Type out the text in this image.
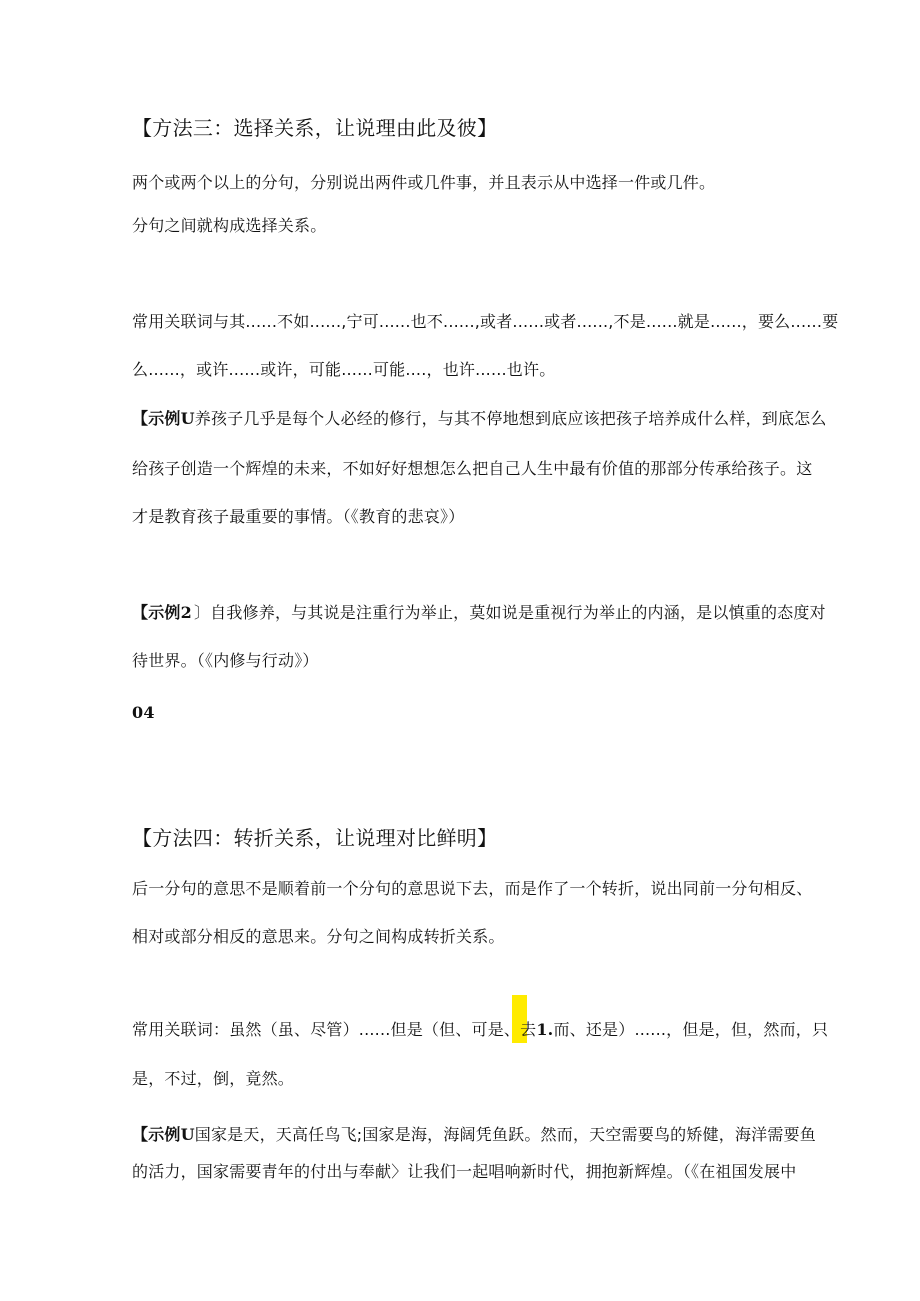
【方法三：选择关系，让说理由此及彼】
两个或两个以上的分句，分别说出两件或几件事，并且表示从中选择一件或几件。
分句之间就构成选择关系。
常用关联词与其......不如......,宁可......也不......,或者......或者......,不是......就是......，要么......要
么......，或许......或许，可能......可能....，也许......也许。
【示例U养孩子几乎是每个人必经的修行，与其不停地想到底应该把孩子培养成什么样，到底怎么
给孩子创造一个辉煌的未来，不如好好想想怎么把自己人生中最有价值的那部分传承给孩子。这
才是教育孩子最重要的事情。（《教育的悲哀》）
【示例2 〕自我修养，与其说是注重行为举止，莫如说是重视行为举止的内涵，是以慎重的态度对
待世界。（《内修与行动》）
04
【方法四：转折关系，让说理对比鲜明】
后一分句的意思不是顺着前一个分句的意思说下去，而是作了一个转折，说出同前一分句相反、
相对或部分相反的意思来。分句之间构成转折关系。
常用关联词：虽然（虽、尽管）......但是（但、可是、去1.而、还是）......，但是，但，然而，只
是，不过，倒，竟然。
【示例U国家是天，天高任鸟飞;国家是海，海阔凭鱼跃。然而，天空需要鸟的矫健，海洋需要鱼
的活力，国家需要青年的付出与奉献〉让我们一起唱响新时代，拥抱新辉煌。（《在祖国发展中
